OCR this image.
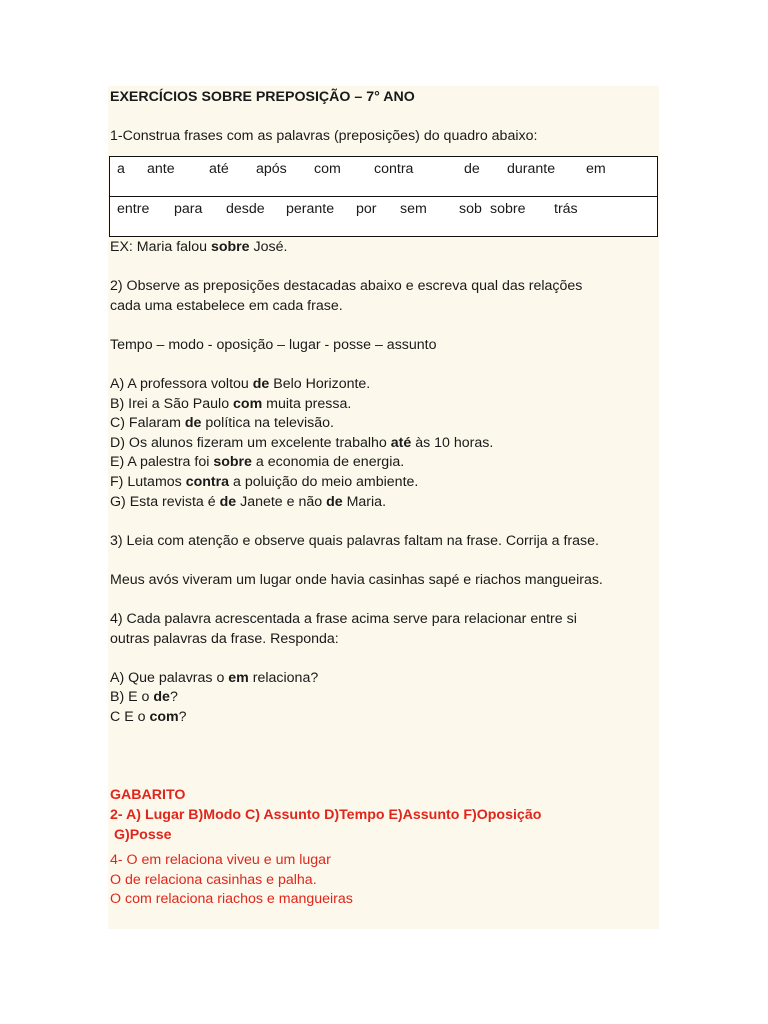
EXERCÍCIOS SOBRE PREPOSIÇÃO – 7° ANO
1-Construa frases com as palavras (preposições) do quadro abaixo:
a	ante	até	após	com	contra	de	durante	em

entre	para	desde	perante	por	sem	sob sobre	trás
EX: Maria falou sobre José.
2) Observe as preposições destacadas abaixo e escreva qual das relações
cada uma estabelece em cada frase.
Tempo – modo - oposição – lugar - posse – assunto
A) A professora voltou de Belo Horizonte.
B) Irei a São Paulo com muita pressa.
C) Falaram de política na televisão.
D) Os alunos fizeram um excelente trabalho até às 10 horas.
E) A palestra foi sobre a economia de energia.
F) Lutamos contra a poluição do meio ambiente.
G) Esta revista é de Janete e não de Maria.
3) Leia com atenção e observe quais palavras faltam na frase. Corrija a frase.
Meus avós viveram um lugar onde havia casinhas sapé e riachos mangueiras.
4) Cada palavra acrescentada a frase acima serve para relacionar entre si
outras palavras da frase. Responda:
A) Que palavras o em relaciona?
B) E o de?
C E o com?
GABARITO
2- A) Lugar B)Modo C) Assunto D)Tempo E)Assunto F)Oposição
G)Posse
4- O em relaciona viveu e um lugar
O de relaciona casinhas e palha.
O com relaciona riachos e mangueiras
